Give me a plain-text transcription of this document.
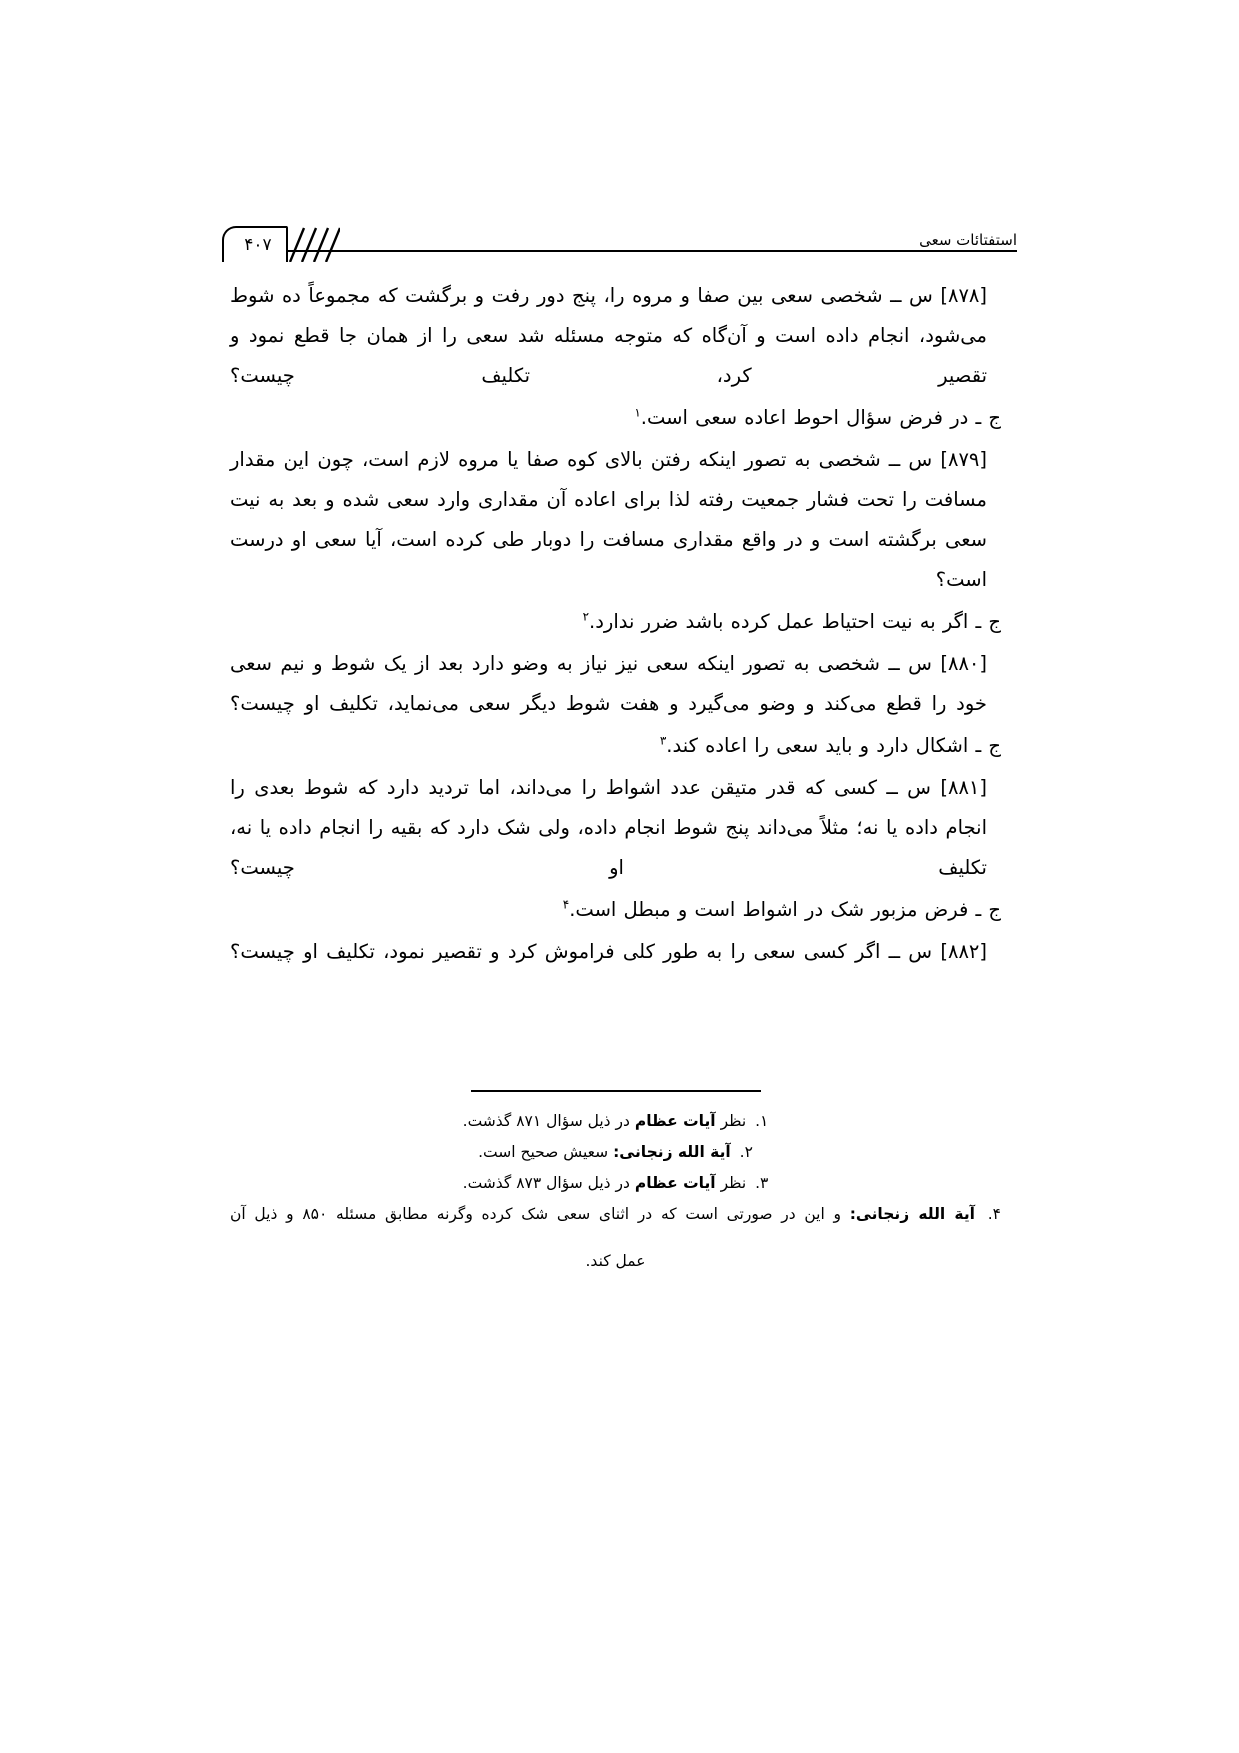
۴۰۷	استفتائات سعی

[۸۷۸] س ــ شخصی سعی بین صفا و مروه را، پنج دور رفت و برگشت که مجموعاً ده شوط می‌شود، انجام داده است و آن‌گاه که متوجه مسئله شد سعی را از همان جا قطع نمود و تقصیر کرد، تکلیف چیست؟

ج ـ در فرض سؤال احوط اعاده سعی است.$^۱$

[۸۷۹] س ــ شخصی به تصور اینکه رفتن بالای کوه صفا یا مروه لازم است، چون این مقدار مسافت را تحت فشار جمعیت رفته لذا برای اعاده آن مقداری وارد سعی شده و بعد به نیت سعی برگشته است و در واقع مقداری مسافت را دوبار طی کرده است، آیا سعی او درست است؟

ج ـ اگر به نیت احتیاط عمل کرده باشد ضرر ندارد.$^۲$

[۸۸۰] س ــ شخصی به تصور اینکه سعی نیز نیاز به وضو دارد بعد از یک شوط و نیم سعی خود را قطع می‌کند و وضو می‌گیرد و هفت شوط دیگر سعی می‌نماید، تکلیف او چیست؟

ج ـ اشکال دارد و باید سعی را اعاده کند.$^۳$

[۸۸۱] س ــ کسی که قدر متیقن عدد اشواط را می‌داند، اما تردید دارد که شوط بعدی را انجام داده یا نه؛ مثلاً می‌داند پنج شوط انجام داده، ولی شک دارد که بقیه را انجام داده یا نه، تکلیف او چیست؟

ج ـ فرض مزبور شک در اشواط است و مبطل است.$^۴$

[۸۸۲] س ــ اگر کسی سعی را به طور کلی فراموش کرد و تقصیر نمود، تکلیف او چیست؟

۱. نظر آیات عظام در ذیل سؤال ۸۷۱ گذشت.

۲. آیة الله زنجانی: سعیش صحیح است.

۳. نظر آیات عظام در ذیل سؤال ۸۷۳ گذشت.

۴. آیة الله زنجانی: و این در صورتی است که در اثنای سعی شک کرده وگرنه مطابق مسئله ۸۵۰ و ذیل آن

عمل کند.
